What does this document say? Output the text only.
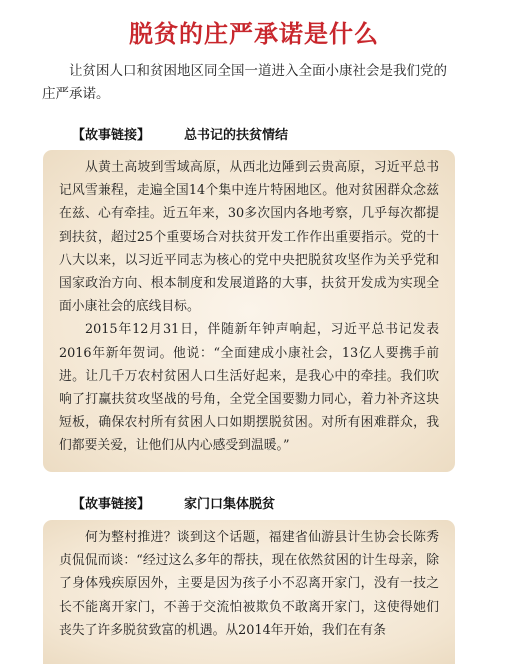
脱贫的庄严承诺是什么
让贫困人口和贫困地区同全国一道进入全面小康社会是我们党的庄严承诺。
【故事链接】	总书记的扶贫情结

从黄土高坡到雪域高原，从西北边陲到云贵高原，习近平总书记风雪兼程，走遍全国14个集中连片特困地区。他对贫困群众念兹在兹、心有牵挂。近五年来，30多次国内各地考察，几乎每次都提到扶贫，超过25个重要场合对扶贫开发工作作出重要指示。党的十八大以来，以习近平同志为核心的党中央把脱贫攻坚作为关乎党和国家政治方向、根本制度和发展道路的大事，扶贫开发成为实现全面小康社会的底线目标。

2015年12月31日，伴随新年钟声响起，习近平总书记发表2016年新年贺词。他说：“全面建成小康社会，13亿人要携手前进。让几千万农村贫困人口生活好起来，是我心中的牵挂。我们吹响了打赢扶贫攻坚战的号角，全党全国要勠力同心，着力补齐这块短板，确保农村所有贫困人口如期摆脱贫困。对所有困难群众，我们都要关爱，让他们从内心感受到温暖。”

【故事链接】	家门口集体脱贫

何为整村推进？谈到这个话题，福建省仙游县计生协会长陈秀贞侃侃而谈：“经过这么多年的帮扶，现在依然贫困的计生母亲，除了身体残疾原因外，主要是因为孩子小不忍离开家门，没有一技之长不能离开家门，不善于交流怕被欺负不敢离开家门，这使得她们丧失了许多脱贫致富的机遇。从2014年开始，我们在有条
